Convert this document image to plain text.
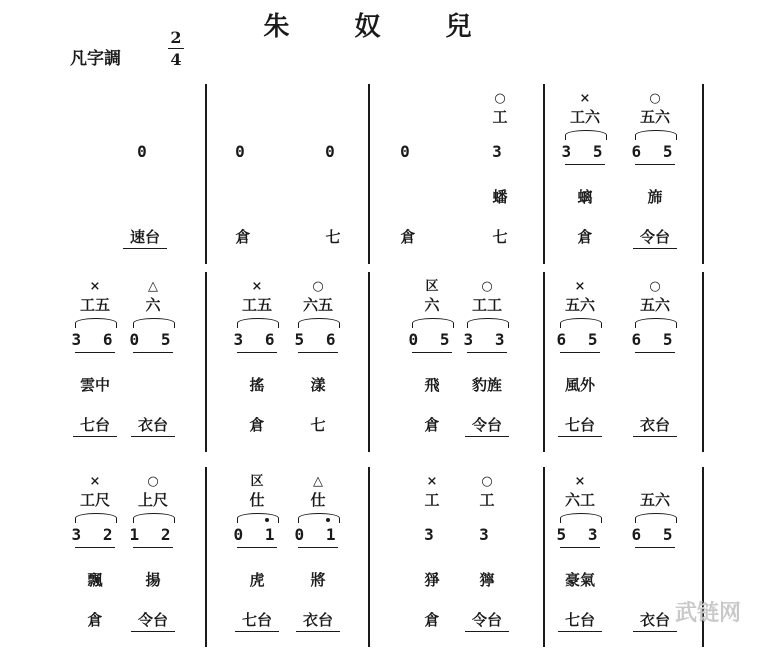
朱 奴 兒
凡字調
2
4
0
速台
0
倉
0
七
0
倉
○
工
3
蟠
七
×
工六
3 5
螭
倉
○
五六
6 5
旆
令台
×
工五
3 6
雲中
七台
△
六
0 5
衣台
×
工五
3 6
搖
倉
○
六五
5 6
漾
七
区
六
0 5
飛
倉
○
工工
3 3
豹旌
令台
×
五六
6 5
風外
七台
○
五六
6 5
衣台
×
工尺
3 2
飄
倉
○
上尺
1 2
揚
令台
区
仕
0 1
虎
七台
△
仕
0 1
將
衣台
×
工
3
猙
倉
○
工
3
獰
令台
×
六工
5 3
豪氣
七台
五六
6 5
衣台 武链网
